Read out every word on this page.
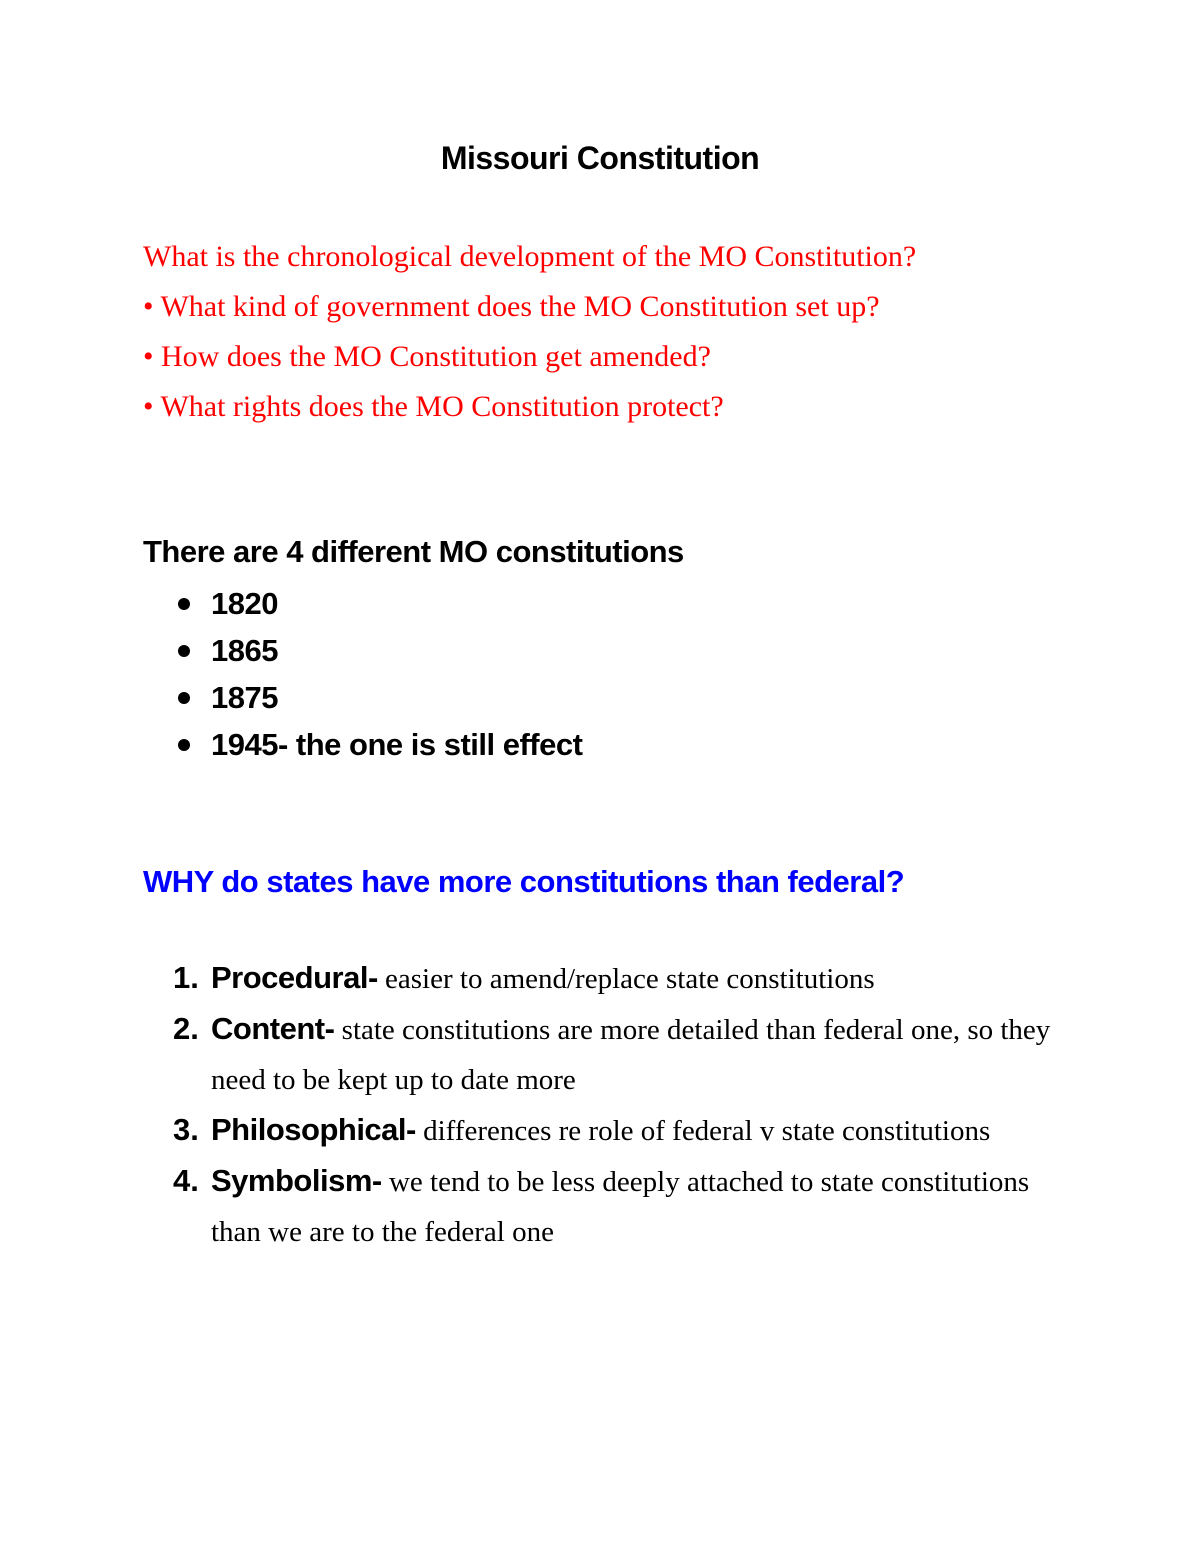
Missouri Constitution
What is the chronological development of the MO Constitution?
• What kind of government does the MO Constitution set up?
• How does the MO Constitution get amended?
• What rights does the MO Constitution protect?
There are 4 different MO constitutions
1820
1865
1875
1945- the one is still effect
WHY do states have more constitutions than federal?
1. Procedural- easier to amend/replace state constitutions
2. Content- state constitutions are more detailed than federal one, so they need to be kept up to date more
3. Philosophical- differences re role of federal v state constitutions
4. Symbolism- we tend to be less deeply attached to state constitutions than we are to the federal one
